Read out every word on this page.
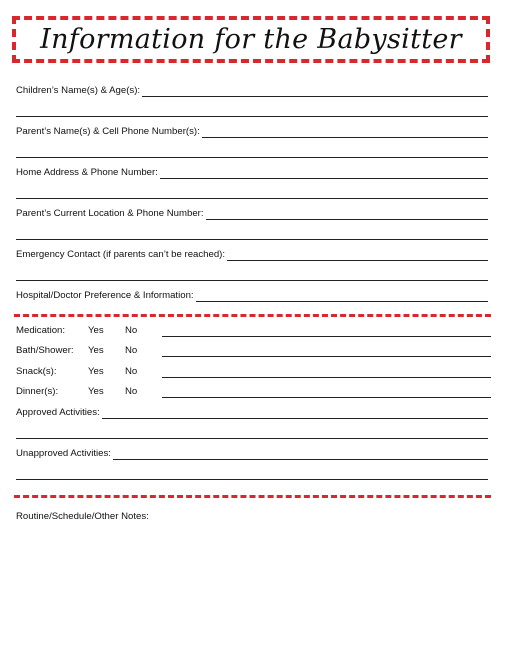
Information for the Babysitter
Children’s Name(s) & Age(s):
Parent’s Name(s) & Cell Phone Number(s):
Home Address & Phone Number:
Parent’s Current Location & Phone Number:
Emergency Contact (if parents can’t be reached):
Hospital/Doctor Preference & Information:
Medication: Yes No
Bath/Shower: Yes No
Snack(s):	Yes No
Dinner(s):	Yes No
Approved Activities:
Unapproved Activities:
Routine/Schedule/Other Notes:
